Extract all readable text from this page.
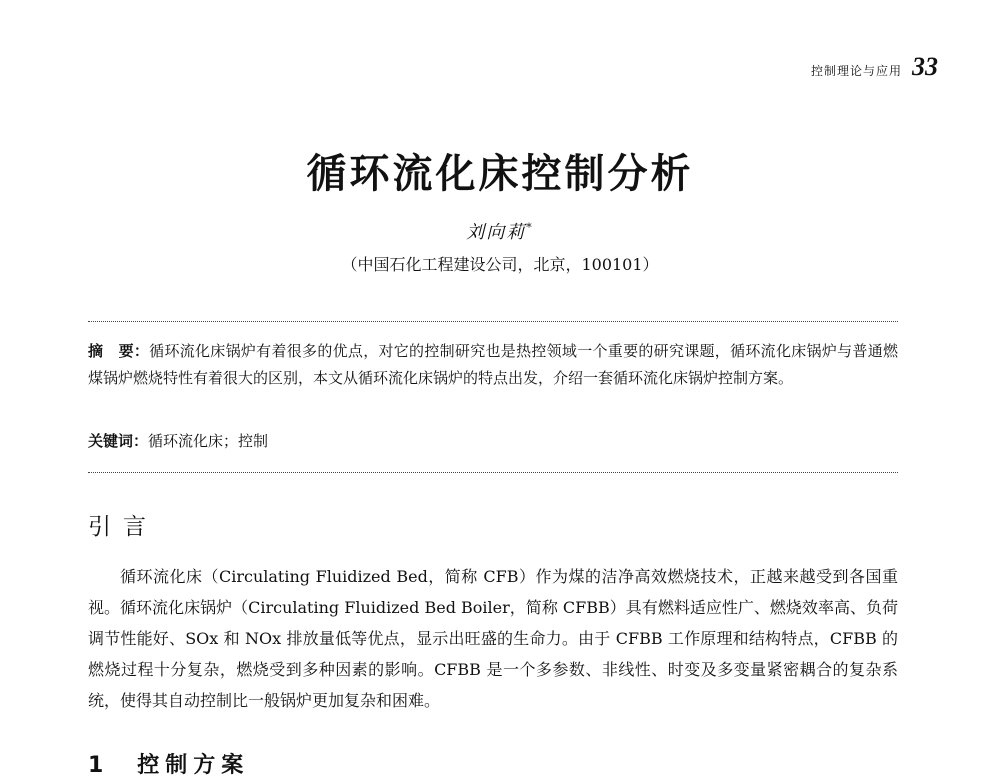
控制理论与应用 33
循环流化床控制分析
刘向莉*
（中国石化工程建设公司，北京，100101）
摘　要：循环流化床锅炉有着很多的优点，对它的控制研究也是热控领域一个重要的研究课题，循环流化床锅炉与普通燃煤锅炉燃烧特性有着很大的区别，本文从循环流化床锅炉的特点出发，介绍一套循环流化床锅炉控制方案。
关键词：循环流化床；控制
引言
循环流化床（Circulating Fluidized Bed，简称 CFB）作为煤的洁净高效燃烧技术，正越来越受到各国重视。循环流化床锅炉（Circulating Fluidized Bed Boiler，简称 CFBB）具有燃料适应性广、燃烧效率高、负荷调节性能好、SOx 和 NOx 排放量低等优点，显示出旺盛的生命力。由于 CFBB 工作原理和结构特点，CFBB 的燃烧过程十分复杂，燃烧受到多种因素的影响。CFBB 是一个多参数、非线性、时变及多变量紧密耦合的复杂系统，使得其自动控制比一般锅炉更加复杂和困难。
1　控制方案
